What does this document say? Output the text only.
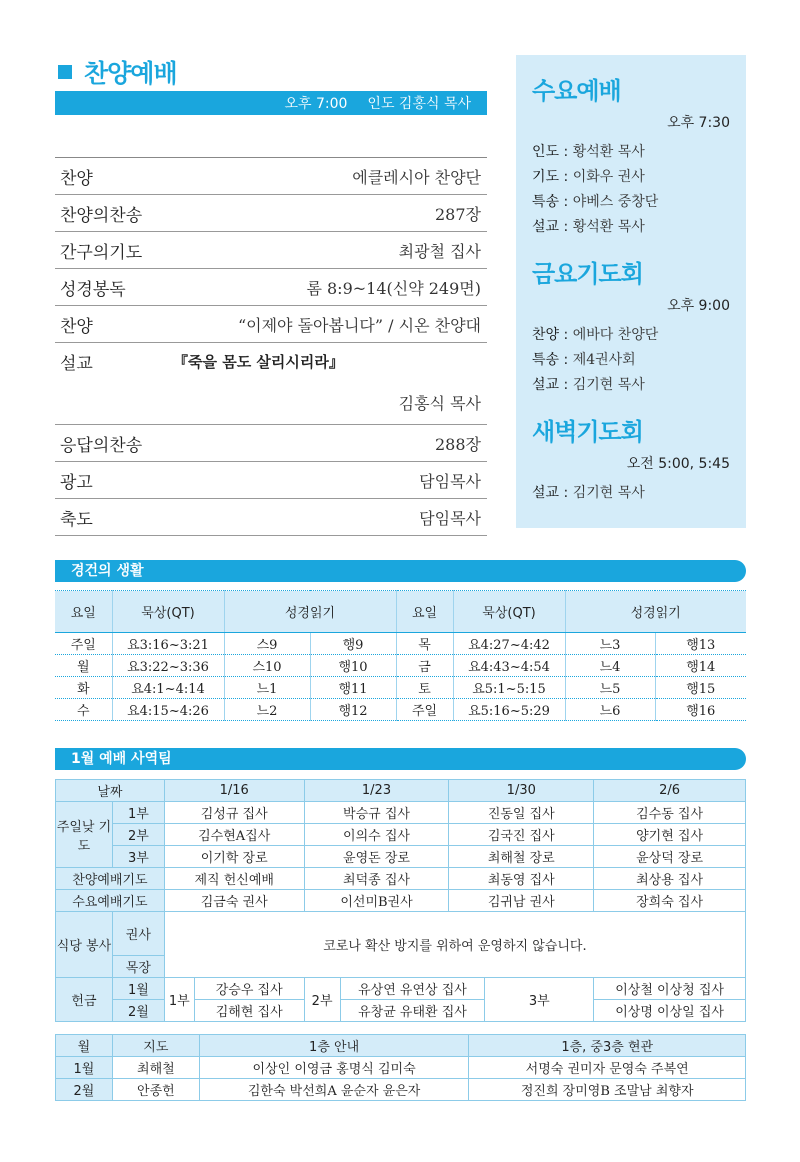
찬양예배
오후 7:00 인도 김홍식 목사
찬양	에클레시아 찬양단
찬양의찬송	287장
간구의기도	최광철 집사
성경봉독	롬 8:9~14(신약 249면)
찬양	“이제야 돌아봅니다” / 시온 찬양대
설교	『죽을 몸도 살리시리라』
김홍식 목사
응답의찬송	288장
광고	담임목사
축도	담임목사
수요예배
오후 7:30
인도 : 황석환 목사
기도 : 이화우 권사
특송 : 야베스 중창단
설교 : 황석환 목사
금요기도회
오후 9:00
찬양 : 에바다 찬양단
특송 : 제4권사회
설교 : 김기현 목사
새벽기도회
오전 5:00, 5:45
설교 : 김기현 목사
경건의 생활
요일	묵상(QT)	성경읽기		요일	묵상(QT)	성경읽기	
주일	요3:16~3:21	스9	행9	목	요4:27~4:42	느3	행13
월	요3:22~3:36	스10	행10	금	요4:43~4:54	느4	행14
화	요4:1~4:14	느1	행11	토	요5:1~5:15	느5	행15
수	요4:15~4:26	느2	행12	주일	요5:16~5:29	느6	행16
1월 예배 사역팀
날짜		1/16		1/23		1/30		2/6
주일낮 기도	1부	김성규 집사		박승규 집사		진동일 집사		김수동 집사
	2부	김수현A집사		이의수 집사		김국진 집사		양기현 집사
	3부	이기학 장로		윤영돈 장로		최해철 장로		윤상덕 장로
찬양예배기도		제직 헌신예배		최덕종 집사		최동영 집사		최상용 집사
수요예배기도		김금숙 권사		이선미B권사		김귀남 권사		장희숙 집사
식당 봉사	권사	코로나 확산 방지를 위하여 운영하지 않습니다.						
	목장							
헌금	1월	1부	강승우 집사	2부	유상연 유연상 집사		3부	이상철 이상청 집사
	2월		김해현 집사		유창균 유태환 집사			이상명 이상일 집사
월	지도	1층 안내	1층, 중3층 현관
1월	최해철	이상인 이영금 홍명식 김미숙	서명숙 권미자 문영숙 주복연
2월	안종헌	김한숙 박선희A 윤순자 윤은자	정진희 장미영B 조말남 최향자
